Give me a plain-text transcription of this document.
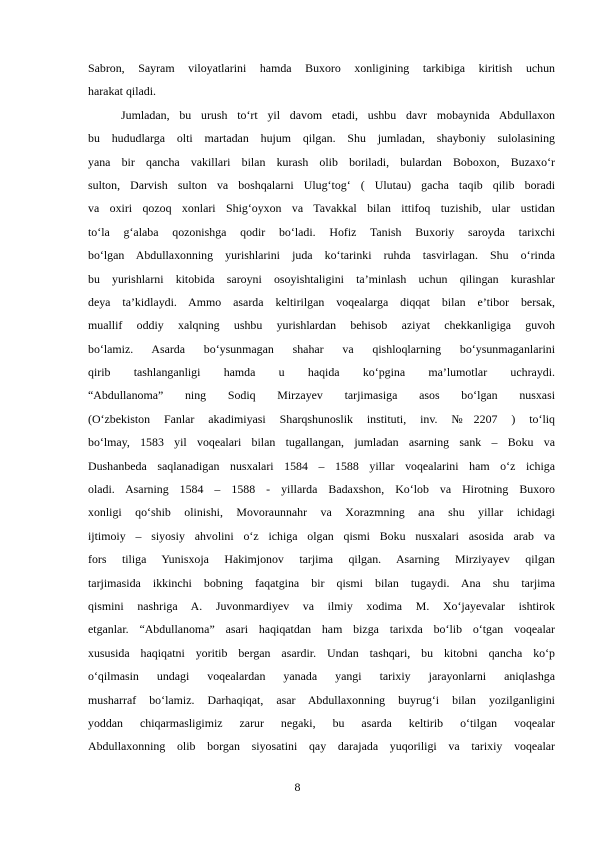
Sabron, Sayram viloyatlarini hamda Buxoro xonligining tarkibiga kiritish uchun
harakat qiladi.
Jumladan, bu urush to‘rt yil davom etadi, ushbu davr mobaynida Abdullaxon
bu hududlarga olti martadan hujum qilgan. Shu jumladan, shayboniy sulolasining
yana bir qancha vakillari bilan kurash olib boriladi, bulardan Boboxon, Buzaxo‘r
sulton, Darvish sulton va boshqalarni Ulug‘tog‘ ( Ulutau) gacha taqib qilib boradi
va oxiri qozoq xonlari Shig‘oyxon va Tavakkal bilan ittifoq tuzishib, ular ustidan
to‘la g‘alaba qozonishga qodir bo‘ladi. Hofiz Tanish Buxoriy saroyda tarixchi
bo‘lgan Abdullaxonning yurishlarini juda ko‘tarinki ruhda tasvirlagan. Shu o‘rinda
bu yurishlarni kitobida saroyni osoyishtaligini ta’minlash uchun qilingan kurashlar
deya ta’kidlaydi. Ammo asarda keltirilgan voqealarga diqqat bilan e’tibor bersak,
muallif oddiy xalqning ushbu yurishlardan behisob aziyat chekkanligiga guvoh
bo‘lamiz. Asarda bo‘ysunmagan shahar va qishloqlarning bo‘ysunmaganlarini
qirib tashlanganligi hamda u haqida ko‘pgina ma’lumotlar uchraydi.
“Abdullanoma” ning Sodiq Mirzayev tarjimasiga asos bo‘lgan nusxasi
(O‘zbekiston Fanlar akadimiyasi Sharqshunoslik instituti, inv. №2207 ) to‘liq
bo‘lmay, 1583 yil voqealari bilan tugallangan, jumladan asarning sank – Boku va
Dushanbeda saqlanadigan nusxalari 1584 – 1588 yillar voqealarini ham o‘z ichiga
oladi. Asarning 1584 – 1588 - yillarda Badaxshon, Ko‘lob va Hirotning Buxoro
xonligi qo‘shib olinishi, Movoraunnahr va Xorazmning ana shu yillar ichidagi
ijtimoiy – siyosiy ahvolini o‘z ichiga olgan qismi Boku nusxalari asosida arab va
fors tiliga Yunisxoja Hakimjonov tarjima qilgan. Asarning Mirziyayev qilgan
tarjimasida ikkinchi bobning faqatgina bir qismi bilan tugaydi. Ana shu tarjima
qismini nashriga A. Juvonmardiyev va ilmiy xodima M. Xo‘jayevalar ishtirok
etganlar. “Abdullanoma” asari haqiqatdan ham bizga tarixda bo‘lib o‘tgan voqealar
xususida haqiqatni yoritib bergan asardir. Undan tashqari, bu kitobni qancha ko‘p
o‘qilmasin undagi voqealardan yanada yangi tarixiy jarayonlarni aniqlashga
musharraf bo‘lamiz. Darhaqiqat, asar Abdullaxonning buyrug‘i bilan yozilganligini
yoddan chiqarmasligimiz zarur negaki, bu asarda keltirib o‘tilgan voqealar
Abdullaxonning olib borgan siyosatini qay darajada yuqoriligi va tarixiy voqealar
8
